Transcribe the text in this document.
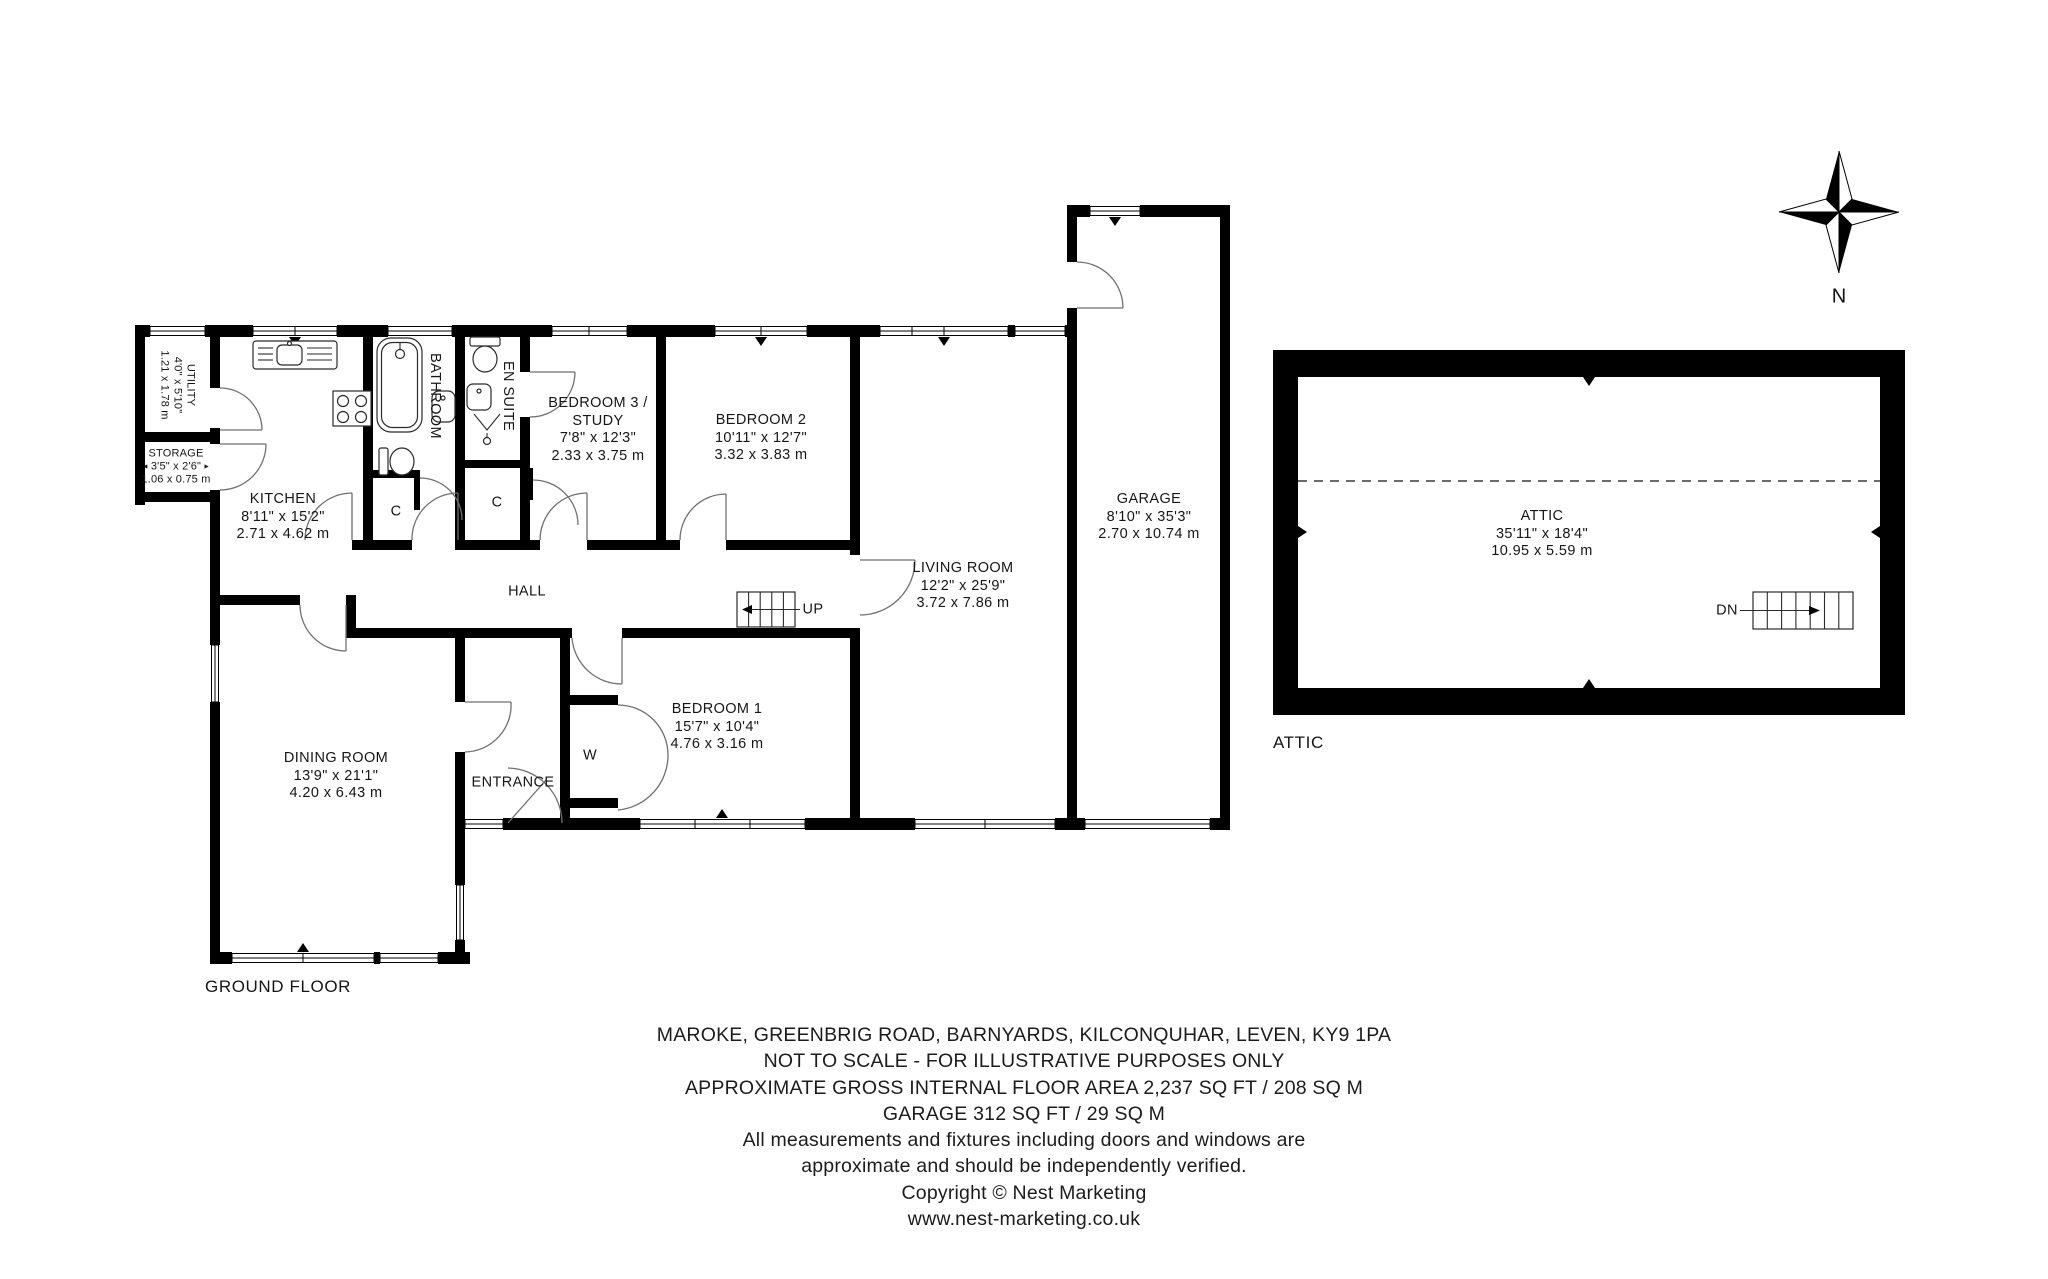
UTILITY
4'0" x 5'10"
1.21 x 1.78 m
STORAGE
◄ 3'5" x 2'6" ►
1.06 x 0.75 m
KITCHEN
8'11" x 15'2"
2.71 x 4.62 m
BATHROOM	EN SUITE BEDROOM 3 /
STUDY
7'8" x 12'3"
2.33 x 3.75 m
BEDROOM 2
10'11" x 12'7"
3.32 x 3.83 m
LIVING ROOM
12'2" x 25'9"
3.72 x 7.86 m
GARAGE
8'10" x 35'3"
2.70 x 10.74 m
HALL
UP
BEDROOM 1
15'7" x 10'4"
4.76 x 3.16 m
W
C
C
ENTRANCE
DINING ROOM
13'9" x 21'1"
4.20 x 6.43 m
ATTIC
35'11" x 18'4"
10.95 x 5.59 m
DN
GROUND FLOOR
ATTIC
N
MAROKE, GREENBRIG ROAD, BARNYARDS, KILCONQUHAR, LEVEN, KY9 1PA
NOT TO SCALE - FOR ILLUSTRATIVE PURPOSES ONLY
APPROXIMATE GROSS INTERNAL FLOOR AREA 2,237 SQ FT / 208 SQ M
GARAGE 312 SQ FT / 29 SQ M
All measurements and fixtures including doors and windows are
approximate and should be independently verified.
Copyright © Nest Marketing
www.nest-marketing.co.uk
